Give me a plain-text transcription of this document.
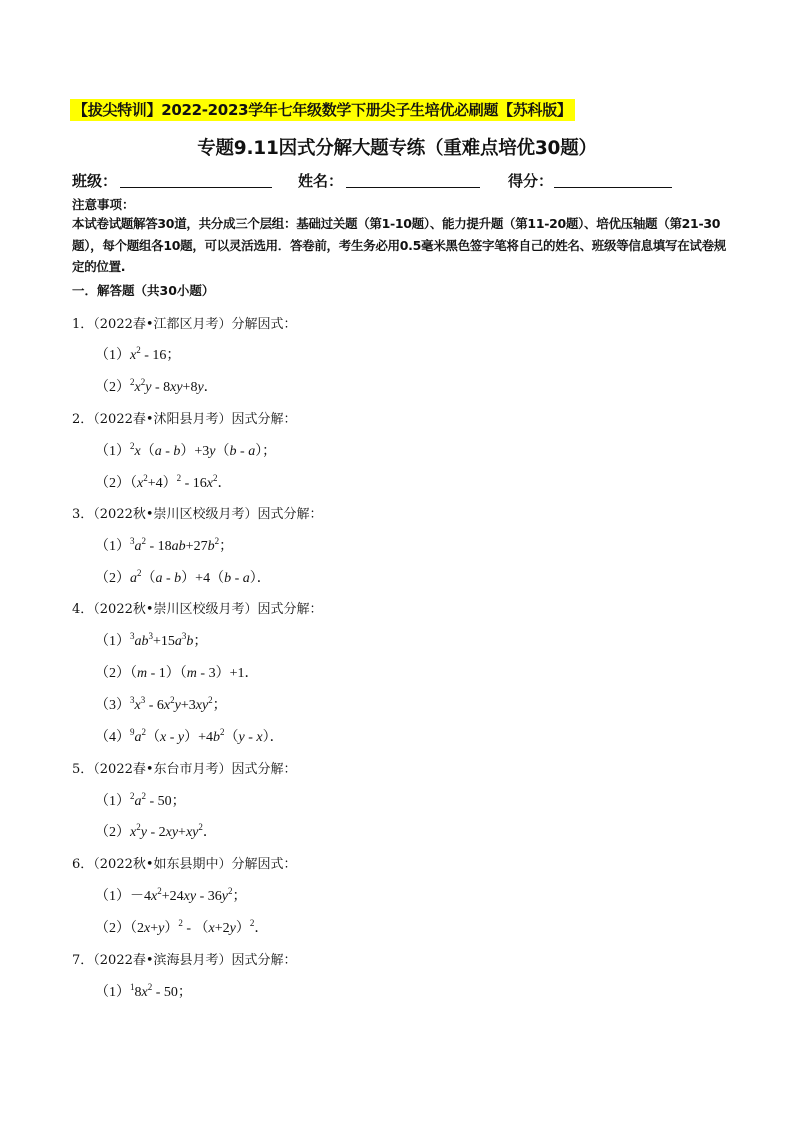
【拔尖特训】2022-2023学年七年级数学下册尖子生培优必刷题【苏科版】
专题9.11因式分解大题专练（重难点培优30题）
班级：	姓名：	得分：
注意事项：
本试卷试题解答30道，共分成三个层组：基础过关题（第1-10题）、能力提升题（第11-20题）、培优压轴题（第21-30题），每个题组各10题，可以灵活选用．答卷前，考生务必用0.5毫米黑色签字笔将自己的姓名、班级等信息填写在试卷规定的位置.
一．解答题（共30小题）
1．（2022春•江都区月考）分解因式：
$(1)x^2 - 16$；
$(2)^2x^2y - 8xy+8y$．
2．（2022春•沭阳县月考）因式分解：
$(1)^2x(a - b)+3y(b - a)$；
$(2)(x^2+4)^2 - 16x^2$．
3．（2022秋•崇川区校级月考）因式分解：
$(1)^3a^2 - 18ab+27b^2$；
$(2)a^2(a - b)+4(b - a)$．
4．（2022秋•崇川区校级月考）因式分解：
$(1)^3ab^3+15a^3b$；
（2）（m - 1）（m - 3）+1．
$(3)^3x^3 - 6x^2y+3xy^2$；
$(4)^9a^2(x - y)+4b^2(y - x)$．
5．（2022春•东台市月考）因式分解：
$(1)^2a^2 - 50$；
$(2)x^2y - 2xy+xy^2$．
6．（2022秋•如东县期中）分解因式：
$(1)-4x^2+24xy - 36y^2$；
$(2)(2x+y)^2 - (x+2y)^2$．
7．（2022春•滨海县月考）因式分解：
$(1)^18x^2 - 50$；
